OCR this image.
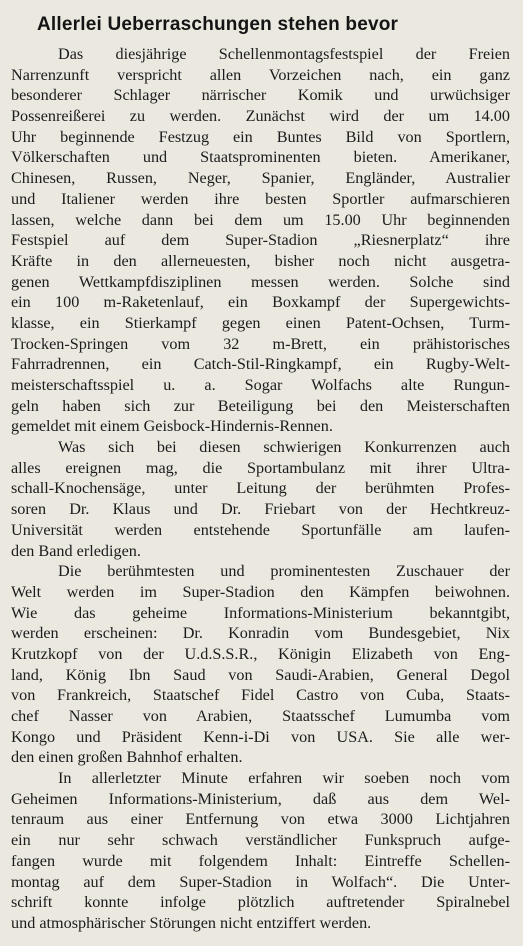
Allerlei Ueberraschungen stehen bevor
Das diesjährige Schellenmontagsfestspiel der Freien
Narrenzunft verspricht allen Vorzeichen nach, ein ganz
besonderer Schlager närrischer Komik und urwüchsiger
Possenreißerei zu werden. Zunächst wird der um 14.00
Uhr beginnende Festzug ein Buntes Bild von Sportlern,
Völkerschaften und Staatsprominenten bieten. Amerikaner,
Chinesen, Russen, Neger, Spanier, Engländer, Australier
und Italiener werden ihre besten Sportler aufmarschieren
lassen, welche dann bei dem um 15.00 Uhr beginnenden
Festspiel auf dem Super-Stadion „Riesnerplatz“ ihre
Kräfte in den allerneuesten, bisher noch nicht ausgetra-
genen Wettkampfdisziplinen messen werden. Solche sind
ein 100 m-Raketenlauf, ein Boxkampf der Supergewichts-
klasse, ein Stierkampf gegen einen Patent-Ochsen, Turm-
Trocken-Springen vom 32 m-Brett, ein prähistorisches
Fahrradrennen, ein Catch-Stil-Ringkampf, ein Rugby-Welt-
meisterschaftsspiel u. a. Sogar Wolfachs alte Rungun-
geln haben sich zur Beteiligung bei den Meisterschaften
gemeldet mit einem Geisbock-Hindernis-Rennen.
Was sich bei diesen schwierigen Konkurrenzen auch
alles ereignen mag, die Sportambulanz mit ihrer Ultra-
schall-Knochensäge, unter Leitung der berühmten Profes-
soren Dr. Klaus und Dr. Friebart von der Hechtkreuz-
Universität werden entstehende Sportunfälle am laufen-
den Band erledigen.
Die berühmtesten und prominentesten Zuschauer der
Welt werden im Super-Stadion den Kämpfen beiwohnen.
Wie das geheime Informations-Ministerium bekanntgibt,
werden erscheinen: Dr. Konradin vom Bundesgebiet, Nix
Krutzkopf von der U.d.S.S.R., Königin Elizabeth von Eng-
land, König Ibn Saud von Saudi-Arabien, General Degol
von Frankreich, Staatschef Fidel Castro von Cuba, Staats-
chef Nasser von Arabien, Staatsschef Lumumba vom
Kongo und Präsident Kenn-i-Di von USA. Sie alle wer-
den einen großen Bahnhof erhalten.
In allerletzter Minute erfahren wir soeben noch vom
Geheimen Informations-Ministerium, daß aus dem Wel-
tenraum aus einer Entfernung von etwa 3000 Lichtjahren
ein nur sehr schwach verständlicher Funkspruch aufge-
fangen wurde mit folgendem Inhalt: Eintreffe Schellen-
montag auf dem Super-Stadion in Wolfach“. Die Unter-
schrift konnte infolge plötzlich auftretender Spiralnebel
und atmosphärischer Störungen nicht entziffert werden.
